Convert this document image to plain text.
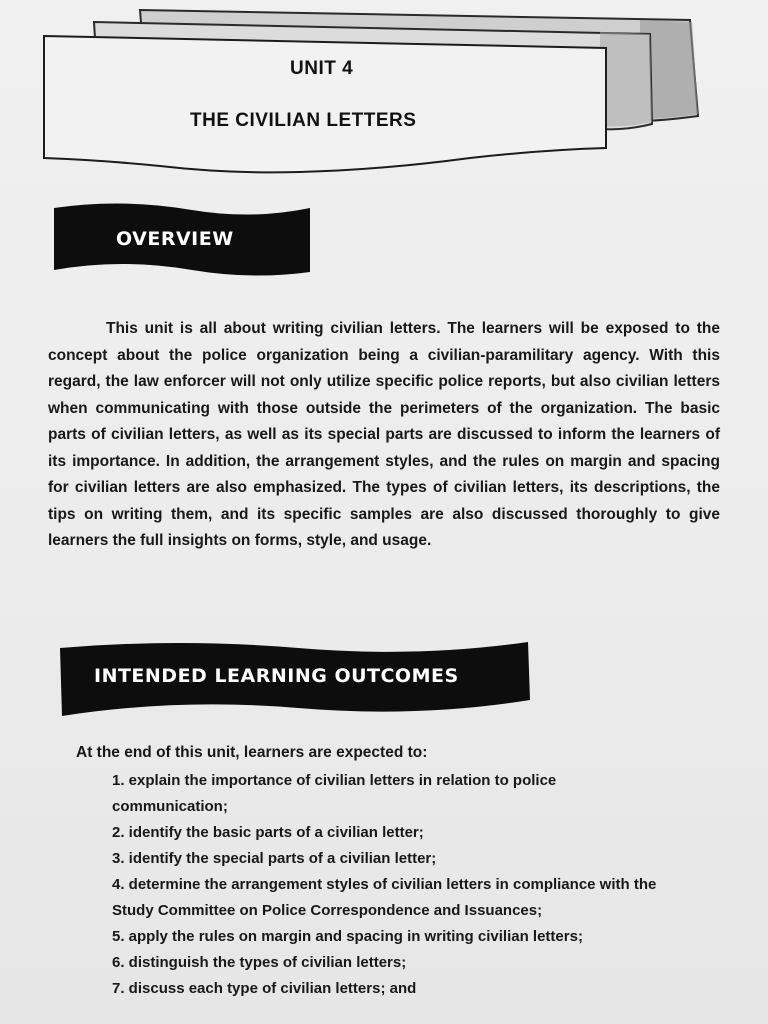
UNIT 4
THE CIVILIAN LETTERS
OVERVIEW

This unit is all about writing civilian letters. The learners will be exposed to the concept about the police organization being a civilian-paramilitary agency. With this regard, the law enforcer will not only utilize specific police reports, but also civilian letters when communicating with those outside the perimeters of the organization. The basic parts of civilian letters, as well as its special parts are discussed to inform the learners of its importance. In addition, the arrangement styles, and the rules on margin and spacing for civilian letters are also emphasized. The types of civilian letters, its descriptions, the tips on writing them, and its specific samples are also discussed thoroughly to give learners the full insights on forms, style, and usage.

INTENDED LEARNING OUTCOMES
At the end of this unit, learners are expected to:
1. explain the importance of civilian letters in relation to police communication;
2. identify the basic parts of a civilian letter;
3. identify the special parts of a civilian letter;
4. determine the arrangement styles of civilian letters in compliance with the Study Committee on Police Correspondence and Issuances;
5. apply the rules on margin and spacing in writing civilian letters;
6. distinguish the types of civilian letters;
7. discuss each type of civilian letters; and
